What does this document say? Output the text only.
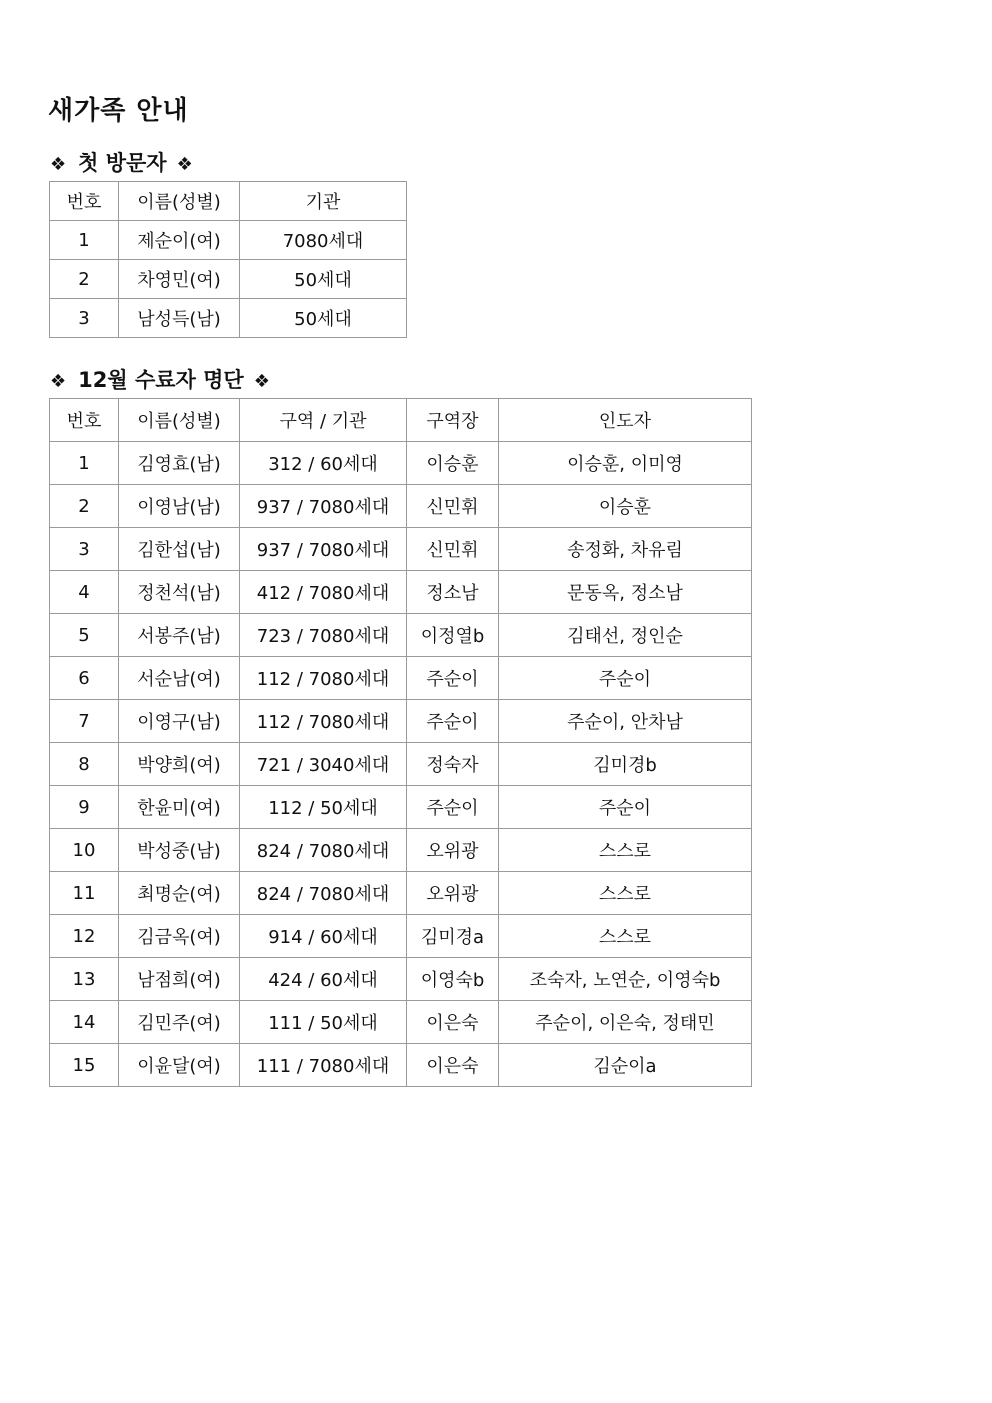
새가족 안내
❖ 첫 방문자 ❖
번호	이름(성별)	기관
1	제순이(여)	7080세대
2	차영민(여)	50세대
3	남성득(남)	50세대
❖ 12월 수료자 명단 ❖
번호	이름(성별)	구역 / 기관	구역장	인도자
1	김영효(남)	312 / 60세대	이승훈	이승훈, 이미영
2	이영남(남)	937 / 7080세대	신민휘	이승훈
3	김한섭(남)	937 / 7080세대	신민휘	송정화, 차유림
4	정천석(남)	412 / 7080세대	정소남	문동옥, 정소남
5	서봉주(남)	723 / 7080세대	이정열b	김태선, 정인순
6	서순남(여)	112 / 7080세대	주순이	주순이
7	이영구(남)	112 / 7080세대	주순이	주순이, 안차남
8	박양희(여)	721 / 3040세대	정숙자	김미경b
9	한윤미(여)	112 / 50세대	주순이	주순이
10	박성중(남)	824 / 7080세대	오위광	스스로
11	최명순(여)	824 / 7080세대	오위광	스스로
12	김금옥(여)	914 / 60세대	김미경a	스스로
13	남점희(여)	424 / 60세대	이영숙b	조숙자, 노연순, 이영숙b
14	김민주(여)	111 / 50세대	이은숙	주순이, 이은숙, 정태민
15	이윤달(여)	111 / 7080세대	이은숙	김순이a
